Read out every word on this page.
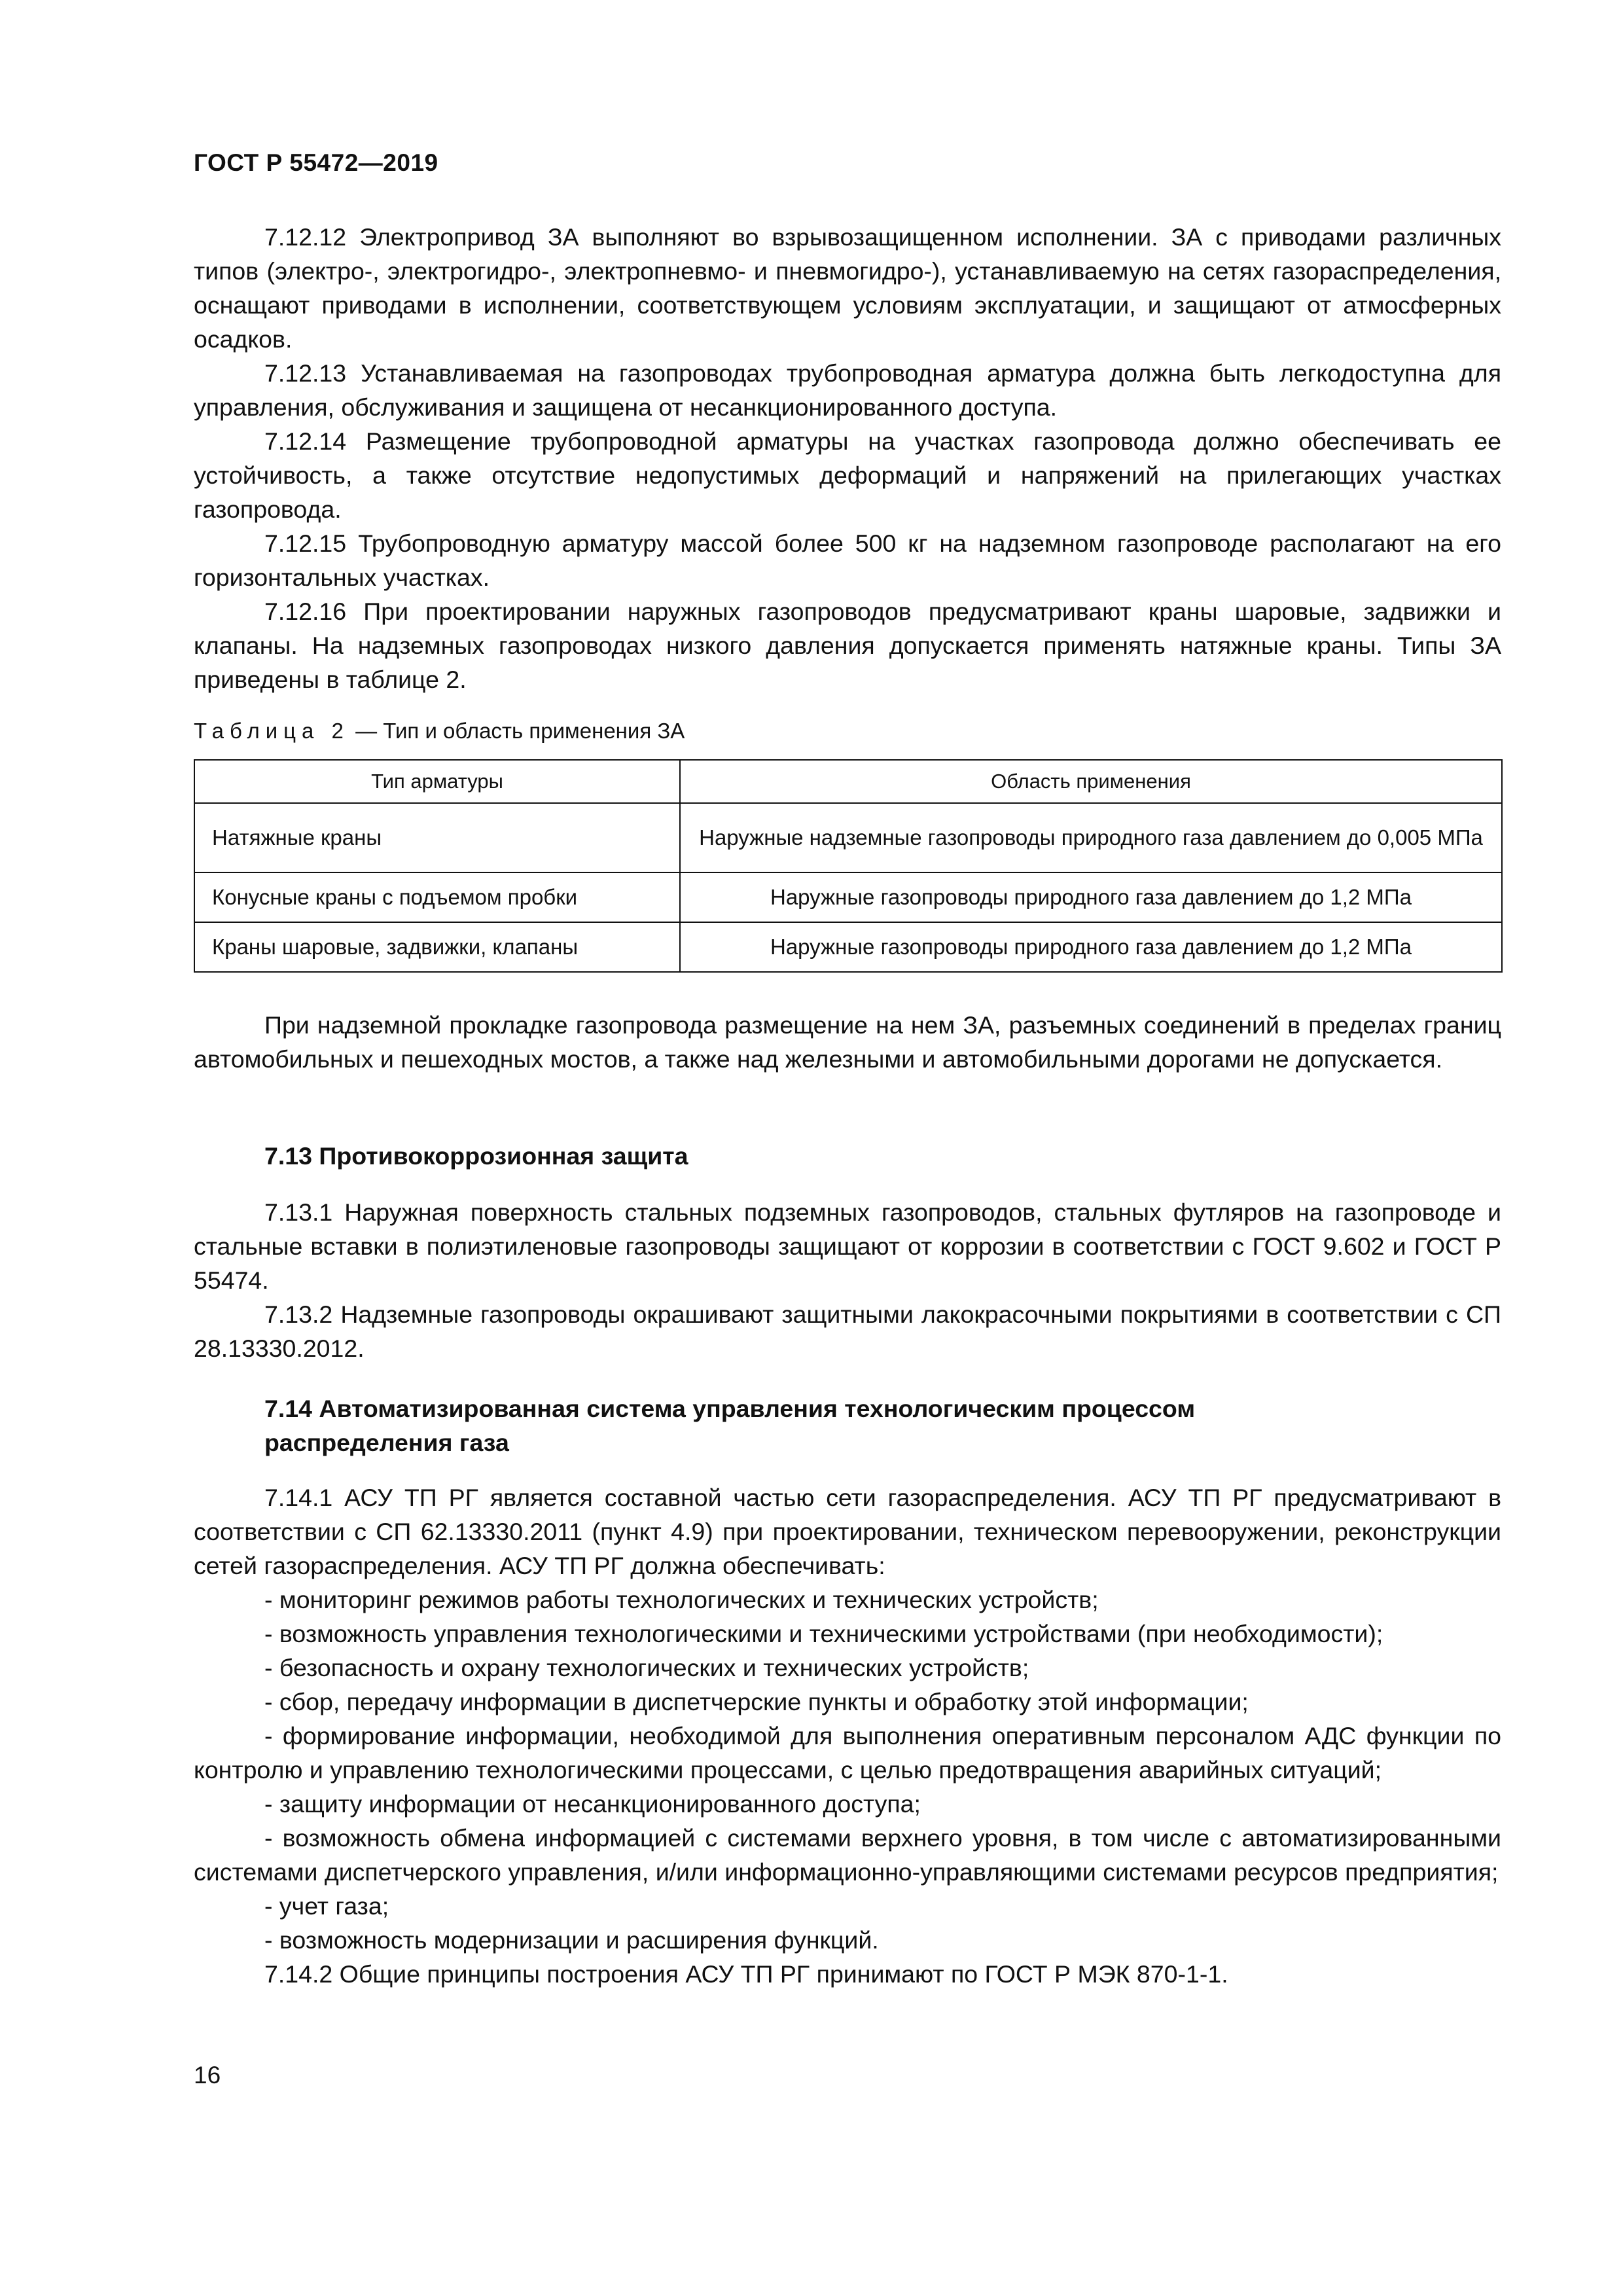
ГОСТ Р 55472—2019

7.12.12 Электропривод ЗА выполняют во взрывозащищенном исполнении. ЗА с приводами различных типов (электро-, электрогидро-, электропневмо- и пневмогидро-), устанавливаемую на сетях газораспределения, оснащают приводами в исполнении, соответствующем условиям эксплуатации, и защищают от атмосферных осадков.

7.12.13 Устанавливаемая на газопроводах трубопроводная арматура должна быть легкодоступна для управления, обслуживания и защищена от несанкционированного доступа.

7.12.14 Размещение трубопроводной арматуры на участках газопровода должно обеспечивать ее устойчивость, а также отсутствие недопустимых деформаций и напряжений на прилегающих участках газопровода.

7.12.15 Трубопроводную арматуру массой более 500 кг на надземном газопроводе располагают на его горизонтальных участках.

7.12.16 При проектировании наружных газопроводов предусматривают краны шаровые, задвижки и клапаны. На надземных газопроводах низкого давления допускается применять натяжные краны. Типы ЗА приведены в таблице 2.

Таблица 2 — Тип и область применения ЗА
Тип арматуры	Область применения
Натяжные краны	Наружные надземные газопроводы природного газа давлением до 0,005 МПа
Конусные краны с подъемом пробки	Наружные газопроводы природного газа давлением до 1,2 МПа
Краны шаровые, задвижки, клапаны	Наружные газопроводы природного газа давлением до 1,2 МПа

При надземной прокладке газопровода размещение на нем ЗА, разъемных соединений в пределах границ автомобильных и пешеходных мостов, а также над железными и автомобильными дорогами не допускается.

7.13 Противокоррозионная защита

7.13.1 Наружная поверхность стальных подземных газопроводов, стальных футляров на газопроводе и стальные вставки в полиэтиленовые газопроводы защищают от коррозии в соответствии с ГОСТ 9.602 и ГОСТ Р 55474.

7.13.2 Надземные газопроводы окрашивают защитными лакокрасочными покрытиями в соответствии с СП 28.13330.2012.

7.14 Автоматизированная система управления технологическим процессом
распределения газа

7.14.1 АСУ ТП РГ является составной частью сети газораспределения. АСУ ТП РГ предусматривают в соответствии с СП 62.13330.2011 (пункт 4.9) при проектировании, техническом перевооружении, реконструкции сетей газораспределения. АСУ ТП РГ должна обеспечивать:

- мониторинг режимов работы технологических и технических устройств;

- возможность управления технологическими и техническими устройствами (при необходимости);

- безопасность и охрану технологических и технических устройств;

- сбор, передачу информации в диспетчерские пункты и обработку этой информации;

- формирование информации, необходимой для выполнения оперативным персоналом АДС функции по контролю и управлению технологическими процессами, с целью предотвращения аварийных ситуаций;

- защиту информации от несанкционированного доступа;

- возможность обмена информацией с системами верхнего уровня, в том числе с автоматизированными системами диспетчерского управления, и/или информационно-управляющими системами ресурсов предприятия;

- учет газа;

- возможность модернизации и расширения функций.

7.14.2 Общие принципы построения АСУ ТП РГ принимают по ГОСТ Р МЭК 870-1-1.

16
